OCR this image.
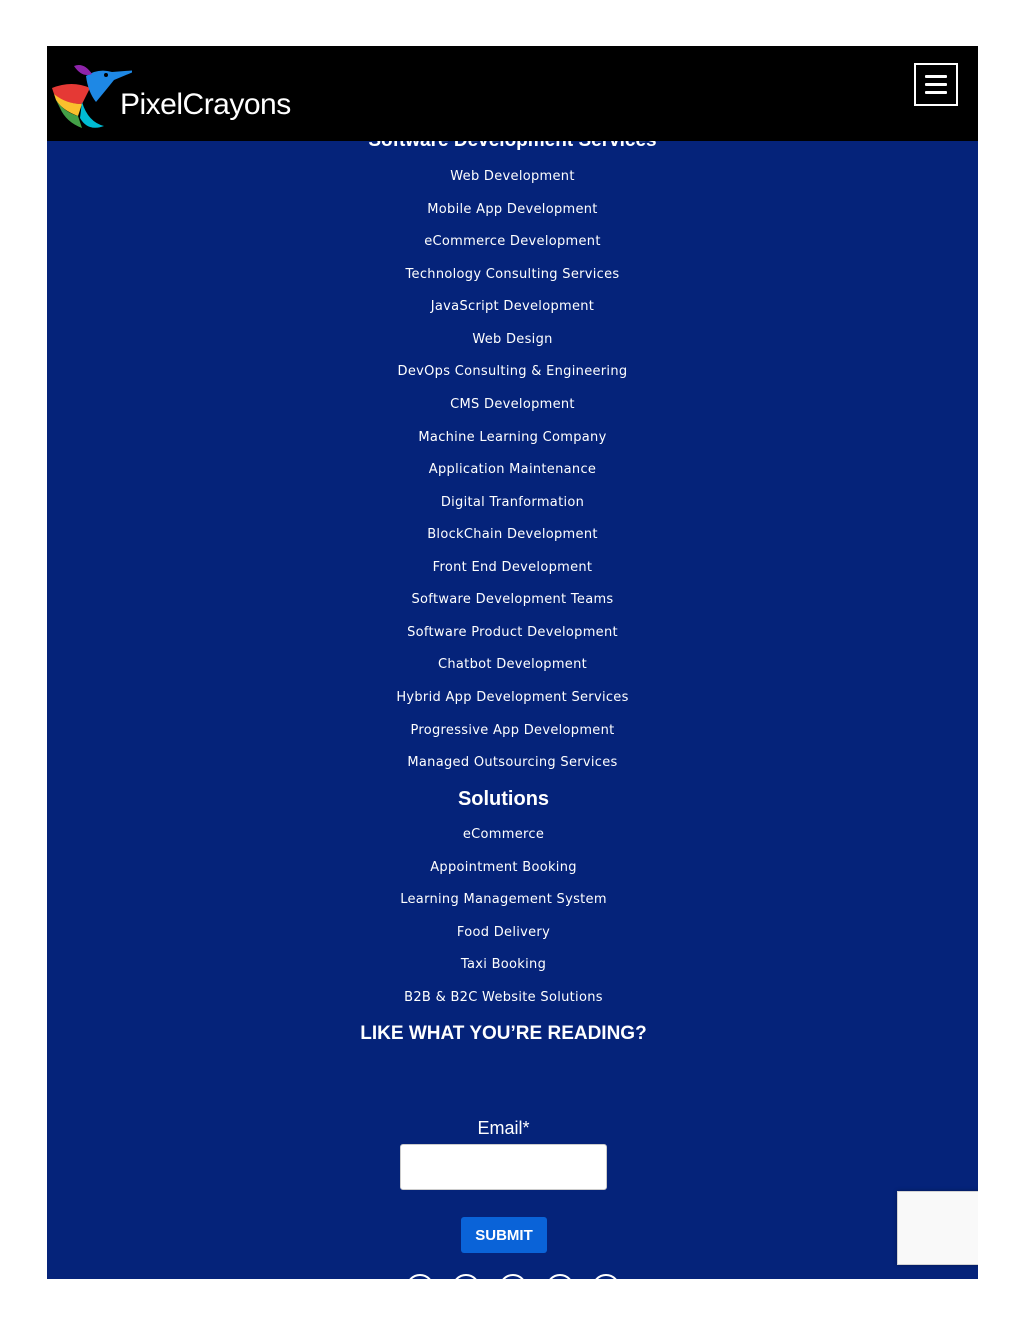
Web Development
Mobile App Development
eCommerce Development
Technology Consulting Services
JavaScript Development
Web Design
DevOps Consulting & Engineering
CMS Development
Machine Learning Company
Application Maintenance
Digital Tranformation
BlockChain Development
Front End Development
Software Development Teams
Software Product Development
Chatbot Development
Hybrid App Development Services
Progressive App Development
Managed Outsourcing Services
Solutions
eCommerce
Appointment Booking
Learning Management System
Food Delivery
Taxi Booking
B2B & B2C Website Solutions
LIKE WHAT YOU’RE READING?
Email*
SUBMIT
PixelCrayons
